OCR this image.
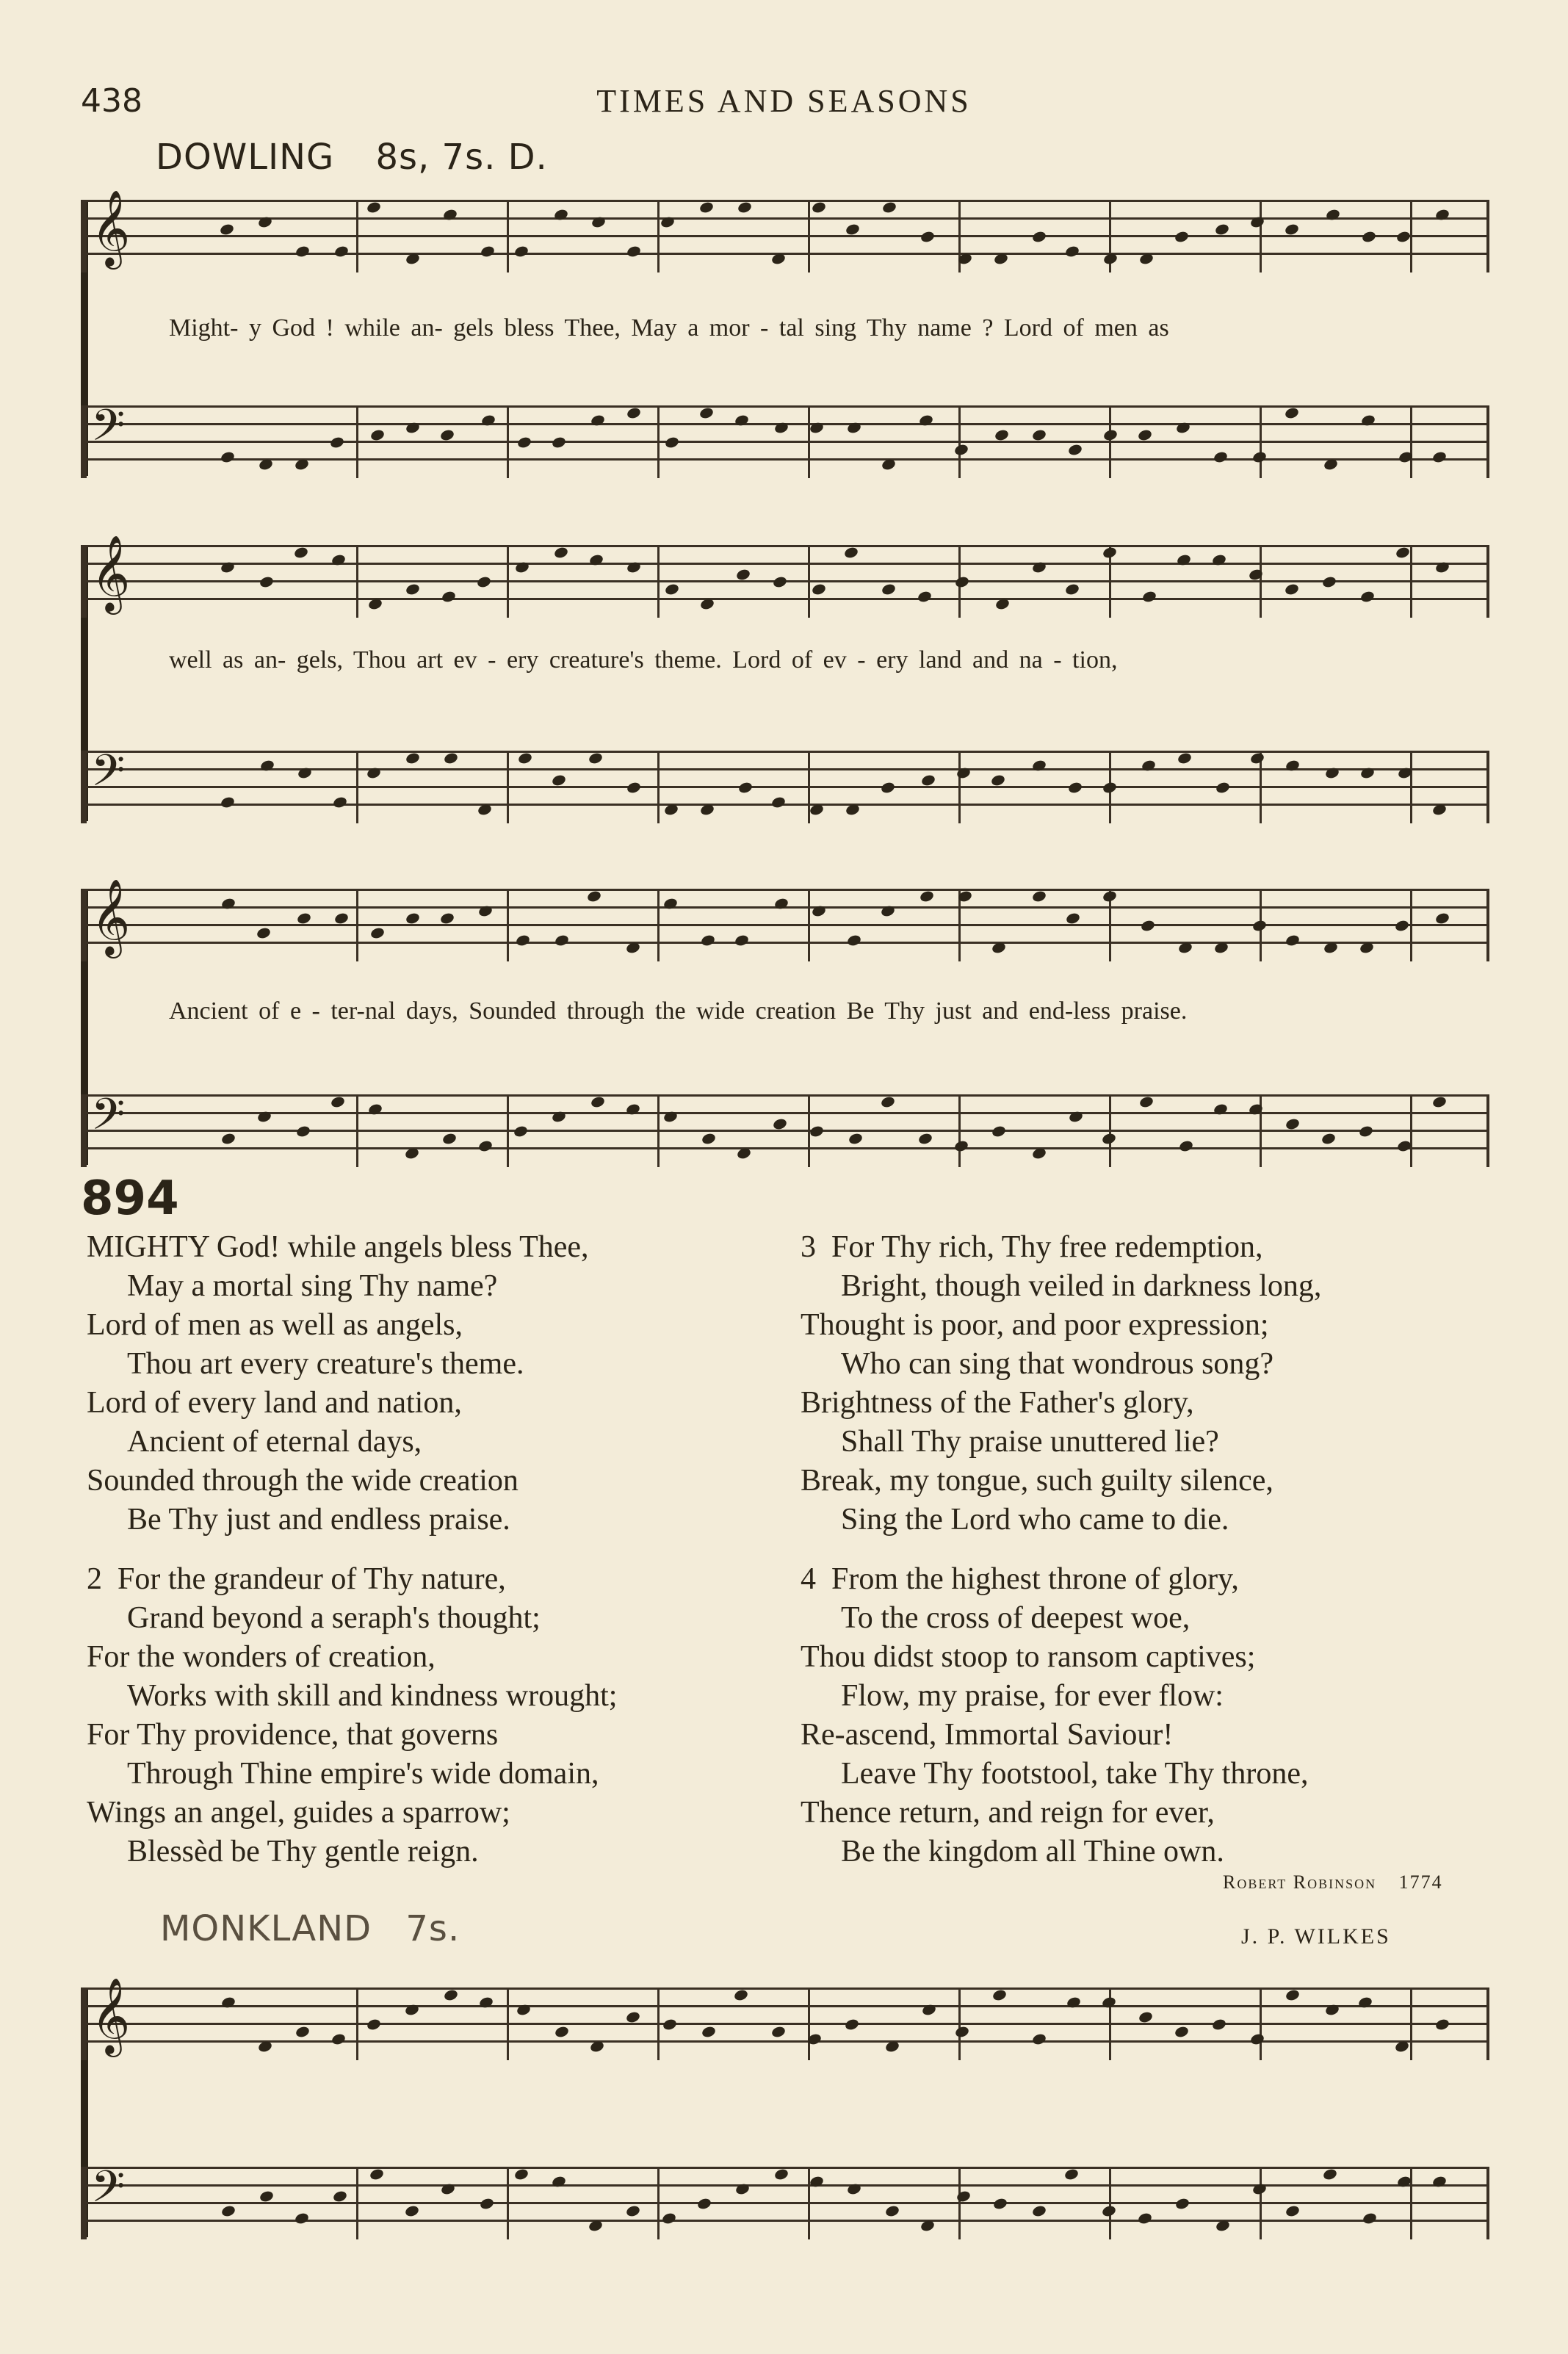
438	TIMES AND SEASONS
DOWLING 8s, 7s. D.
𝄞
𝄢
Might- y God ! while an- gels bless Thee, May a mor - tal sing Thy name ? Lord of men as
𝄞
𝄢
well as an- gels, Thou art ev - ery creature's theme. Lord of ev - ery land and na - tion,
𝄞
𝄢
Ancient of e - ter-nal days, Sounded through the wide creation Be Thy just and end-less praise.
894
MIGHTY God! while angels bless Thee,
May a mortal sing Thy name?
Lord of men as well as angels,
Thou art every creature's theme.
Lord of every land and nation,
Ancient of eternal days,
Sounded through the wide creation
Be Thy just and endless praise.
2 For the grandeur of Thy nature,
Grand beyond a seraph's thought;
For the wonders of creation,
Works with skill and kindness wrought;
For Thy providence, that governs
Through Thine empire's wide domain,
Wings an angel, guides a sparrow;
Blessèd be Thy gentle reign.
3 For Thy rich, Thy free redemption,
Bright, though veiled in darkness long,
Thought is poor, and poor expression;
Who can sing that wondrous song?
Brightness of the Father's glory,
Shall Thy praise unuttered lie?
Break, my tongue, such guilty silence,
Sing the Lord who came to die.
4 From the highest throne of glory,
To the cross of deepest woe,
Thou didst stoop to ransom captives;
Flow, my praise, for ever flow:
Re-ascend, Immortal Saviour!
Leave Thy footstool, take Thy throne,
Thence return, and reign for ever,
Be the kingdom all Thine own.
Robert Robinson 1774
MONKLAND 7s.	J. P. WILKES
𝄞
𝄢
